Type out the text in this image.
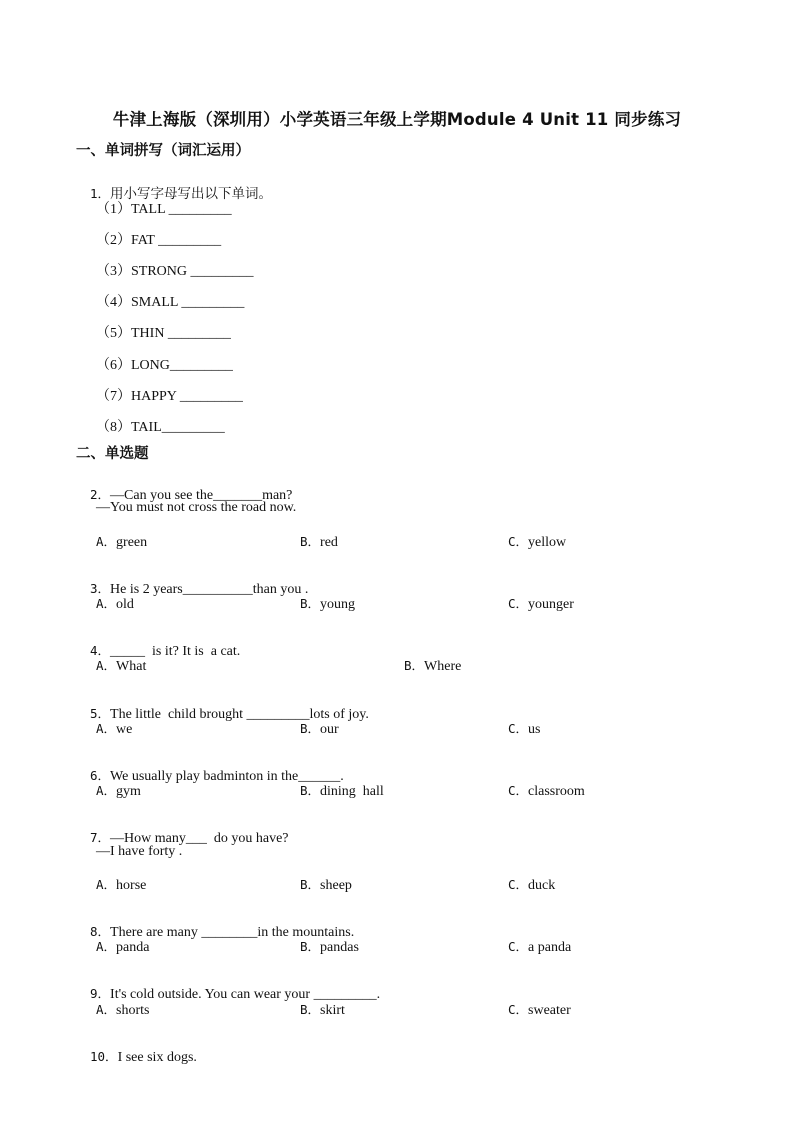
牛津上海版（深圳用）小学英语三年级上学期Module 4 Unit 11 同步练习
一、单词拼写（词汇运用）

1．用小写字母写出以下单词。

（1）TALL _________
（2）FAT _________
（3）STRONG _________
（4）SMALL _________
（5）THIN _________
（6）LONG_________
（7）HAPPY _________
（8）TAIL_________
二、单选题

2．—Can you see the_______man?

—You must not cross the road now.
A．green	B．red	C．yellow

3．He is 2 years__________than you .

A．old	B．young	C．younger

4．_____  is it? It is  a cat.

A．What	B．Where

5．The little  child brought _________lots of joy.

A．we	B．our	C．us

6．We usually play badminton in the______.

A．gym	B．dining  hall	C．classroom

7．—How many___  do you have?

—I have forty .
A．horse	B．sheep	C．duck

8．There are many ________in the mountains.

A．panda	B．pandas	C．a panda

9．It's cold outside. You can wear your _________.

A．shorts	B．skirt	C．sweater

10．I see six dogs.
